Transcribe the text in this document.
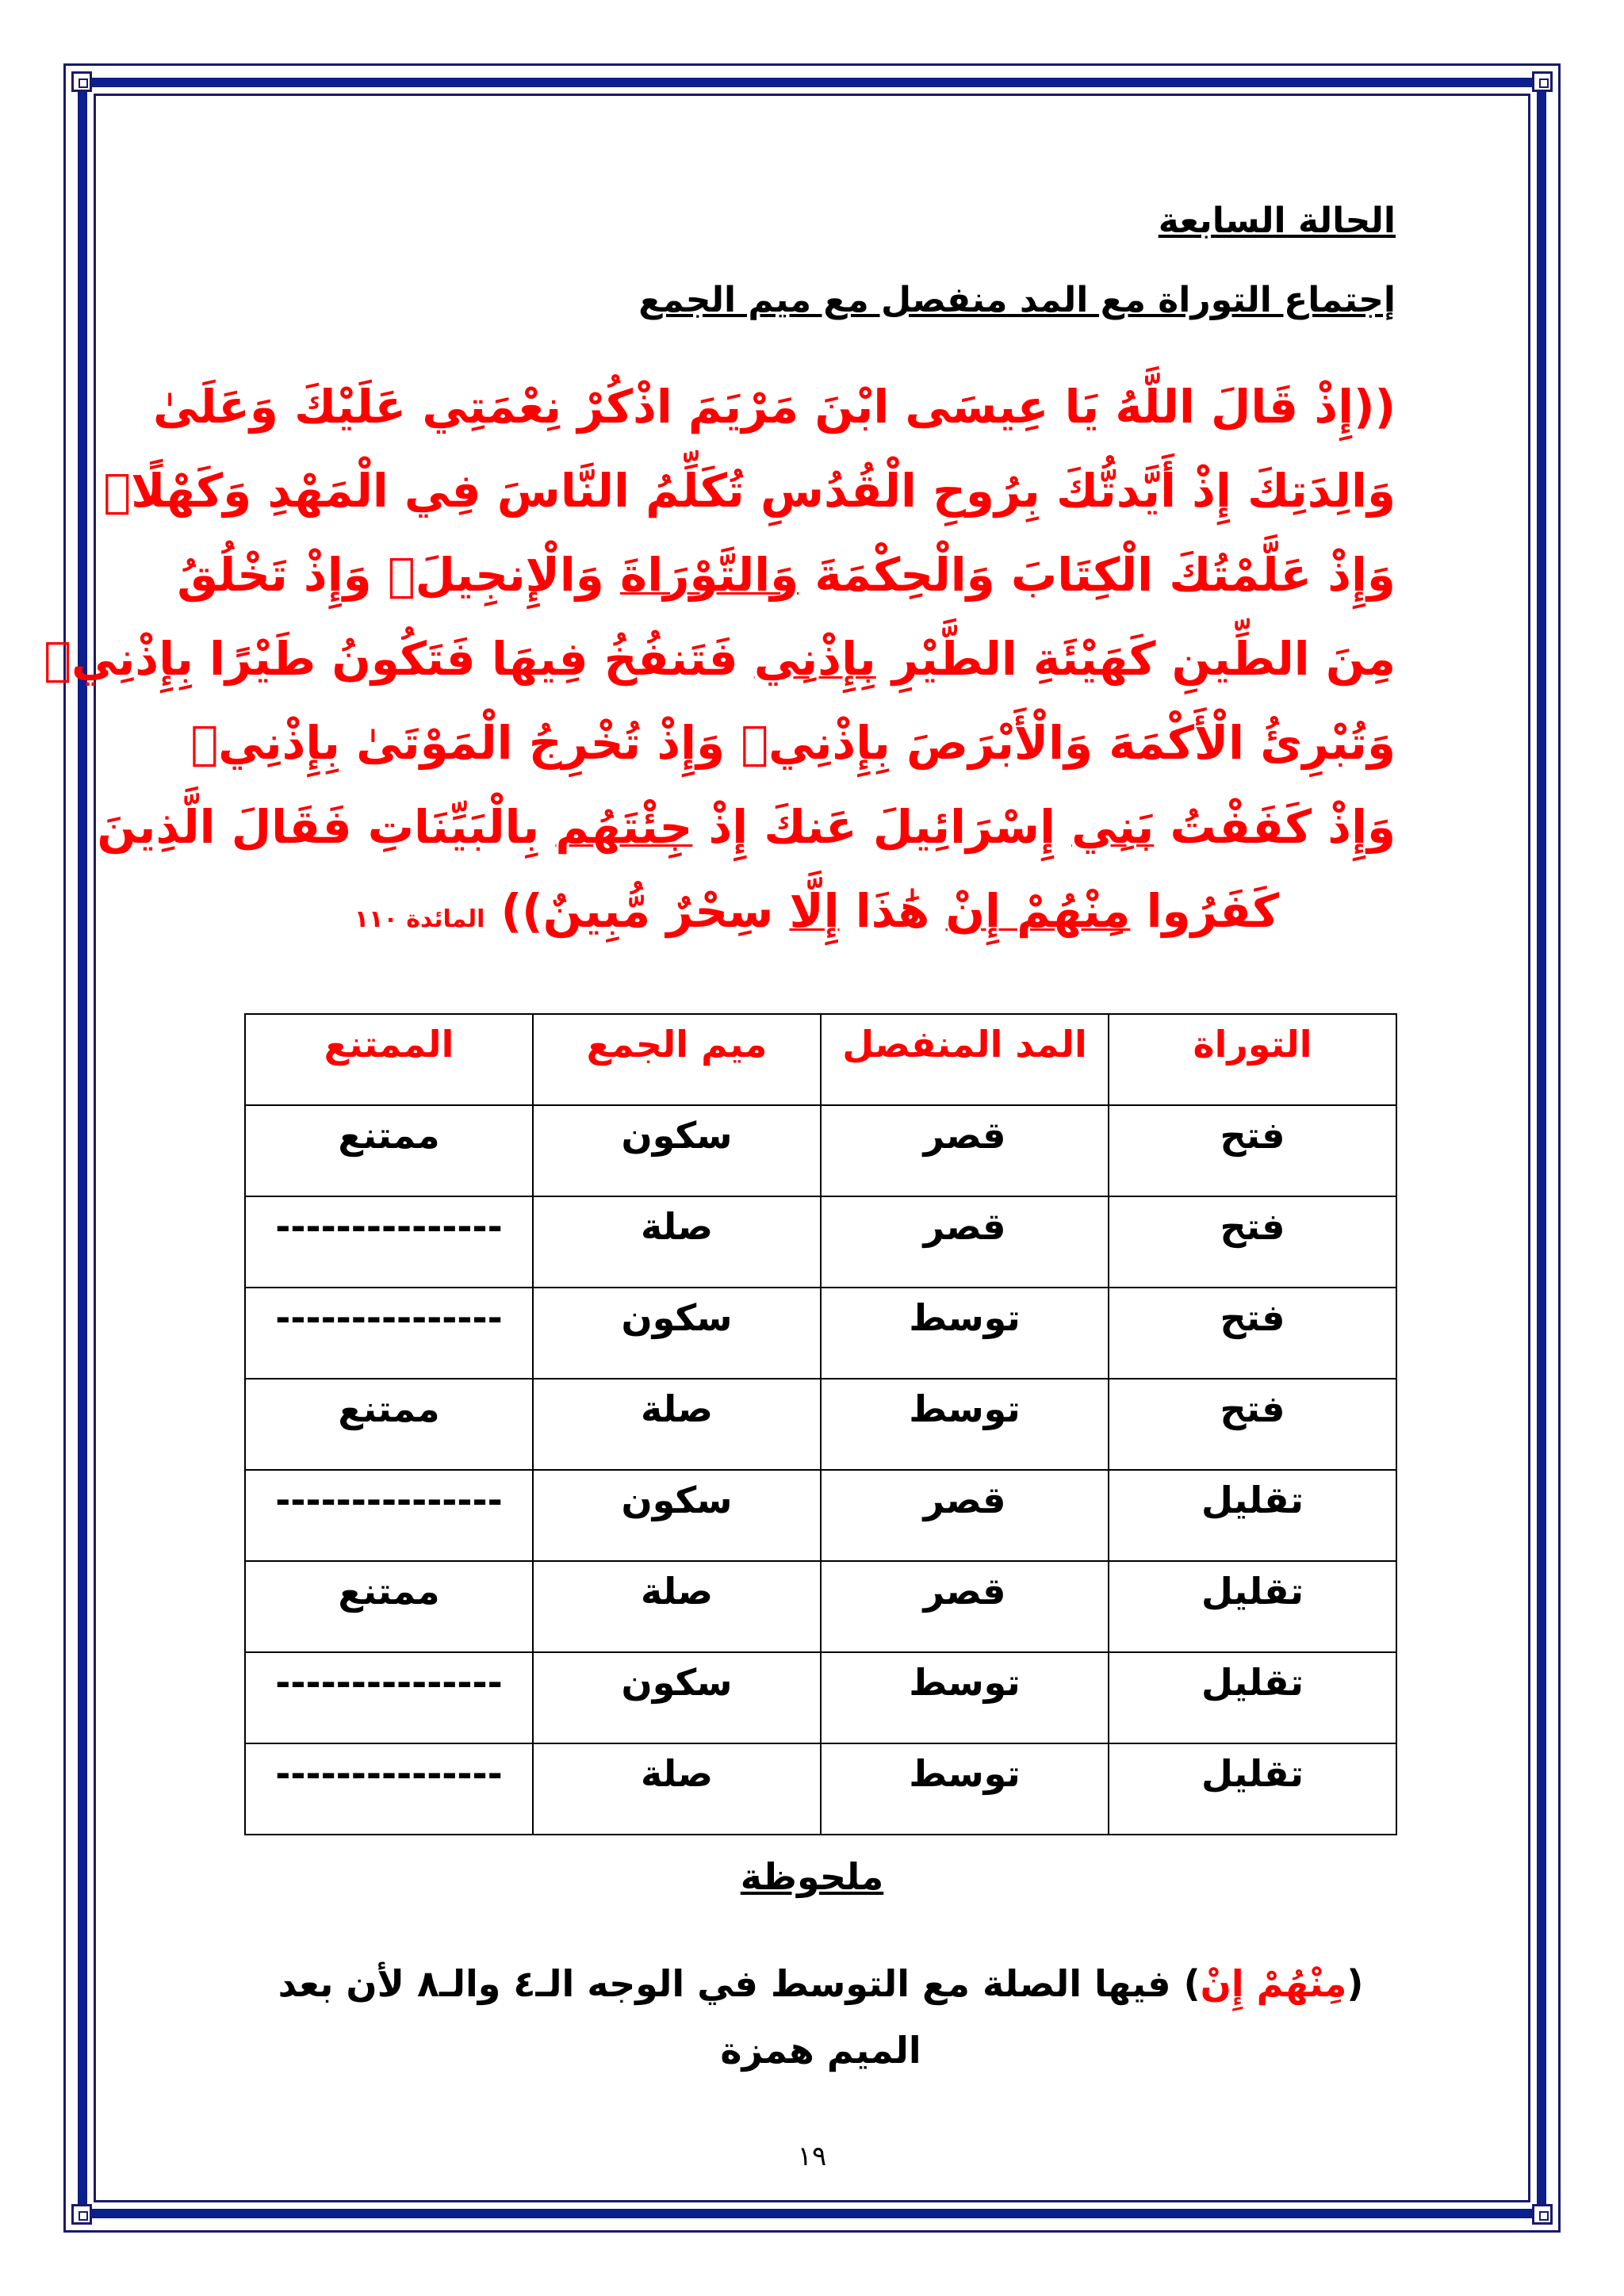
الحالة السابعة

إجتماع التوراة مع المد منفصل مع ميم الجمع

((إِذْ قَالَ اللَّهُ يَا عِيسَى ابْنَ مَرْيَمَ اذْكُرْ نِعْمَتِي عَلَيْكَ وَعَلَىٰ
وَالِدَتِكَ إِذْ أَيَّدتُّكَ بِرُوحِ الْقُدُسِ تُكَلِّمُ النَّاسَ فِي الْمَهْدِ وَكَهْلًاۖ
وَإِذْ عَلَّمْتُكَ الْكِتَابَ وَالْحِكْمَةَ وَالتَّوْرَاةَ وَالْإِنجِيلَۖ وَإِذْ تَخْلُقُ
مِنَ الطِّينِ كَهَيْئَةِ الطَّيْرِ بِإِذْنِي فَتَنفُخُ فِيهَا فَتَكُونُ طَيْرًا بِإِذْنِيۖ
وَتُبْرِئُ الْأَكْمَهَ وَالْأَبْرَصَ بِإِذْنِيۖ وَإِذْ تُخْرِجُ الْمَوْتَىٰ بِإِذْنِيۖ
وَإِذْ كَفَفْتُ بَنِي إِسْرَائِيلَ عَنكَ إِذْ جِئْتَهُم بِالْبَيِّنَاتِ فَقَالَ الَّذِينَ
كَفَرُوا مِنْهُمْ إِنْ هَٰذَا إِلَّا سِحْرٌ مُّبِينٌ)) المائدة ١١٠
التوراة	المد المنفصل	ميم الجمع	الممتنع
فتح	قصر	سكون	ممتنع
فتح	قصر	صلة	---------------
فتح	توسط	سكون	---------------
فتح	توسط	صلة	ممتنع
تقليل	قصر	سكون	---------------
تقليل	قصر	صلة	ممتنع
تقليل	توسط	سكون	---------------
تقليل	توسط	صلة	---------------
ملحوظة
(مِنْهُمْ إِنْ) فيها الصلة مع التوسط في الوجه الـ٤ والـ٨ لأن بعد الميم همزة
١٩
